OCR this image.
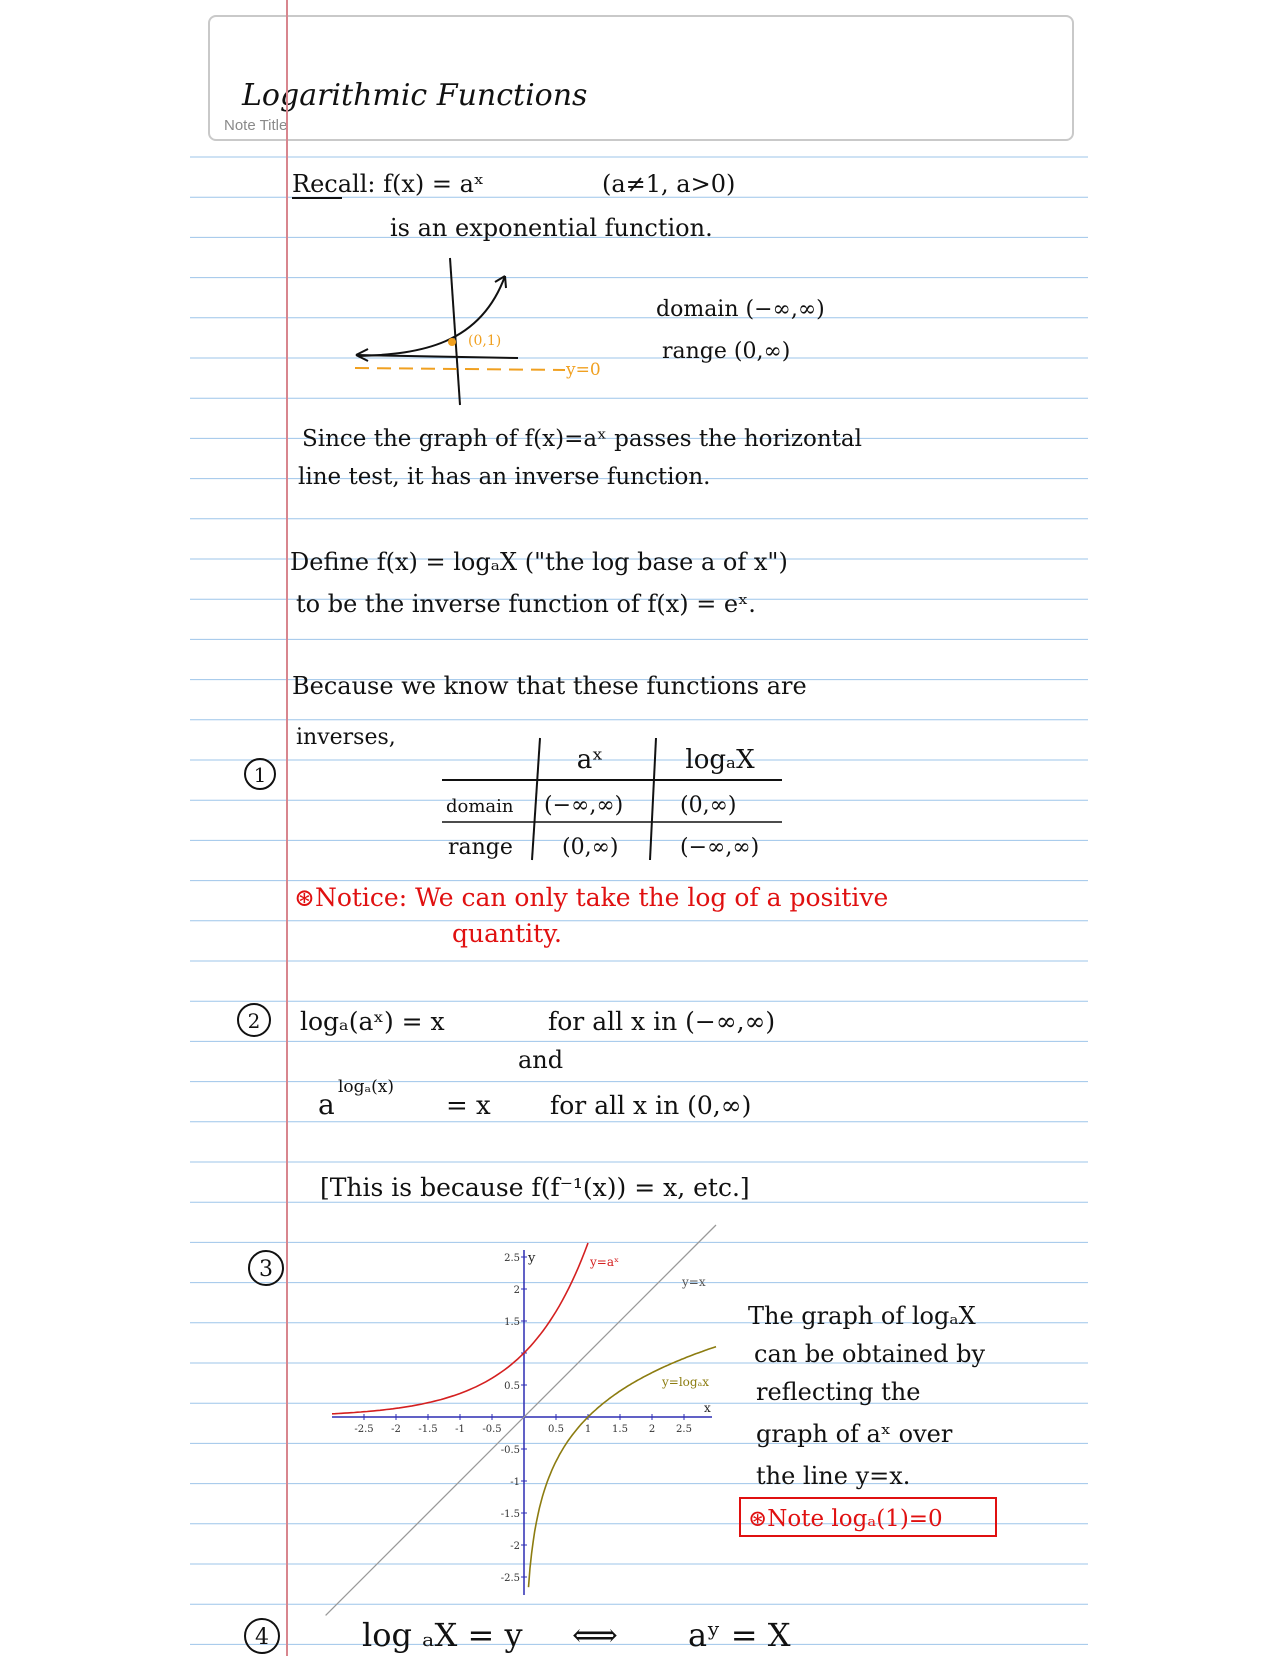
Note Title
Logarithmic Functions
Recall: f(x) = aˣ	(a≠1, a>0)
is an exponential function.
(0,1)
y=0
domain (−∞,∞)
range (0,∞)
Since the graph of f(x)=aˣ passes the horizontal
line test, it has an inverse function.
Define f(x) = logₐX ("the log base a of x")
to be the inverse function of f(x) = eˣ.
Because we know that these functions are
inverses,
1	aˣ	logₐX
domain (−∞,∞)	(0,∞)
range (0,∞)	(−∞,∞)
⊛Notice: We can only take the log of a positive
quantity.
2 logₐ(aˣ) = x	for all x in (−∞,∞)
and
a
logₐ(x)
= x for all x in (0,∞)
[This is because f(f⁻¹(x)) = x, etc.]
3
-2.5 -2 -1.5 -1 -0.5	0.5 1 1.5 2 2.5
2.5
2
1.5
0.5
-0.5
-1
-1.5
-2
-2.5
x
y	y=aˣ
y=x
y=logₐx
The graph of logₐX
can be obtained by
reflecting the
graph of aˣ over
the line y=x.
⊛Note logₐ(1)=0
4	log ₐX = y ⟺ aʸ = X
